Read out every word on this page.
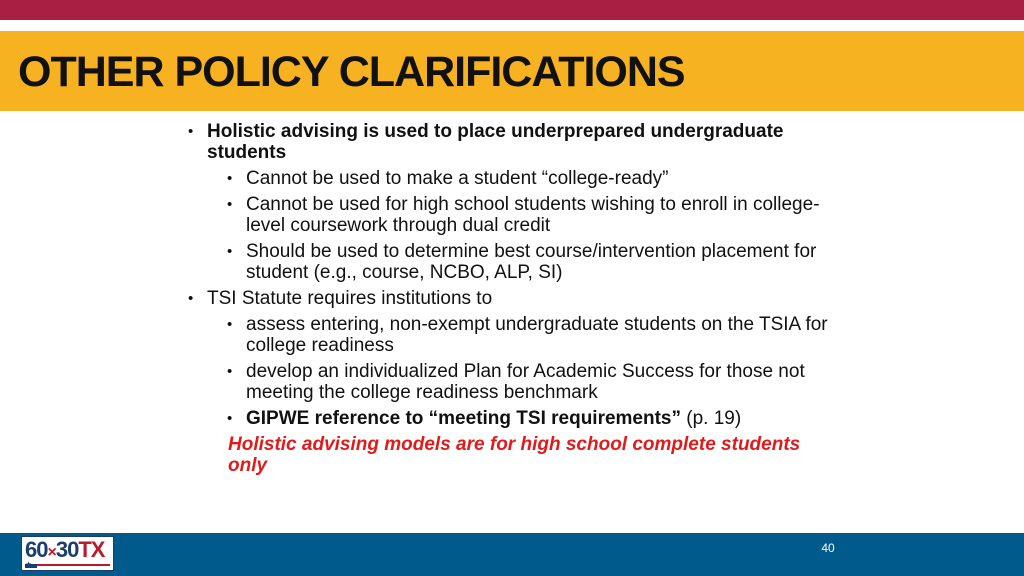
OTHER POLICY CLARIFICATIONS
• Holistic advising is used to place underprepared undergraduate students
• Cannot be used to make a student “college-ready”
• Cannot be used for high school students wishing to enroll in college-level coursework through dual credit
• Should be used to determine best course/intervention placement for student (e.g., course, NCBO, ALP, SI)
• TSI Statute requires institutions to
• assess entering, non-exempt undergraduate students on the TSIA for college readiness
• develop an individualized Plan for Academic Success for those not meeting the college readiness benchmark
• GIPWE reference to “meeting TSI requirements” (p. 19)
Holistic advising models are for high school complete students only
60×30TX
★
40
